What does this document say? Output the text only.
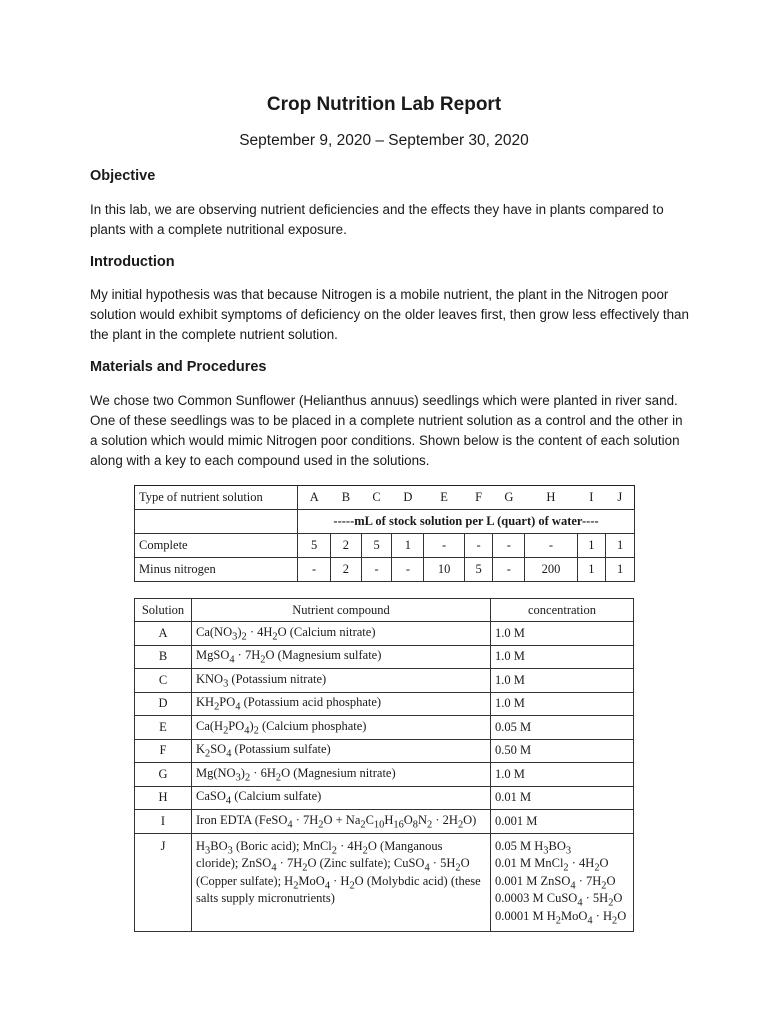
Crop Nutrition Lab Report
September 9, 2020 – September 30, 2020
Objective

In this lab, we are observing nutrient deficiencies and the effects they have in plants compared to plants with a complete nutritional exposure.

Introduction

My initial hypothesis was that because Nitrogen is a mobile nutrient, the plant in the Nitrogen poor solution would exhibit symptoms of deficiency on the older leaves first, then grow less effectively than the plant in the complete nutrient solution.

Materials and Procedures

We chose two Common Sunflower (Helianthus annuus) seedlings which were planted in river sand. One of these seedlings was to be placed in a complete nutrient solution as a control and the other in a solution which would mimic Nitrogen poor conditions. Shown below is the content of each solution along with a key to each compound used in the solutions.

Type of nutrient solution	A	B	C	D	E	F	G	H	I	J
	-----mL of stock solution per L (quart) of water----									
Complete	5	2	5	1	-	-	-	-	1	1
Minus nitrogen	-	2	-	-	10	5	-	200	1	1
Solution	Nutrient compound	concentration
A	$Ca(NO_3)_2 \cdot 4H_2O$ (Calcium nitrate)	1.0 M
B	MgSO$_4$ · $7H_2O$ (Magnesium sulfate)	1.0 M
C	$KNO_3$ (Potassium nitrate)	1.0 M
D	$KH_2PO_4$ (Potassium acid phosphate)	1.0 M
E	$Ca(H_2PO_4)_2$ (Calcium phosphate)	0.05 M
F	$K_2SO_4$ (Potassium sulfate)	0.50 M
G	$Mg(NO_3)_2 \cdot 6H_2O$ (Magnesium nitrate)	1.0 M
H	CaSO$_4$ (Calcium sulfate)	0.01 M
I	Iron EDTA (FeSO$_4$ · $7H_2O + Na_2C_{10}H_{16}O_8N_2 \cdot 2H_2O$)	0.001 M
J	$H_3BO_3$ (Boric acid); MnCl$_2$ · $4H_2O$ (Manganous cloride); ZnSO$_4$ · $7H_2O$ (Zinc sulfate); CuSO$_4$ · $5H_2O$ (Copper sulfate); $H_2MoO_4 \cdot H_2O$ (Molybdic acid) (these salts supply micronutrients)	0.05 M $H_3BO_3$
0.01 M MnCl$_2$ · $4H_2O$
0.001 M ZnSO$_4$ · $7H_2O$
0.0003 M CuSO$_4$ · $5H_2O$
0.0001 M $H_2MoO_4 \cdot H_2O$
